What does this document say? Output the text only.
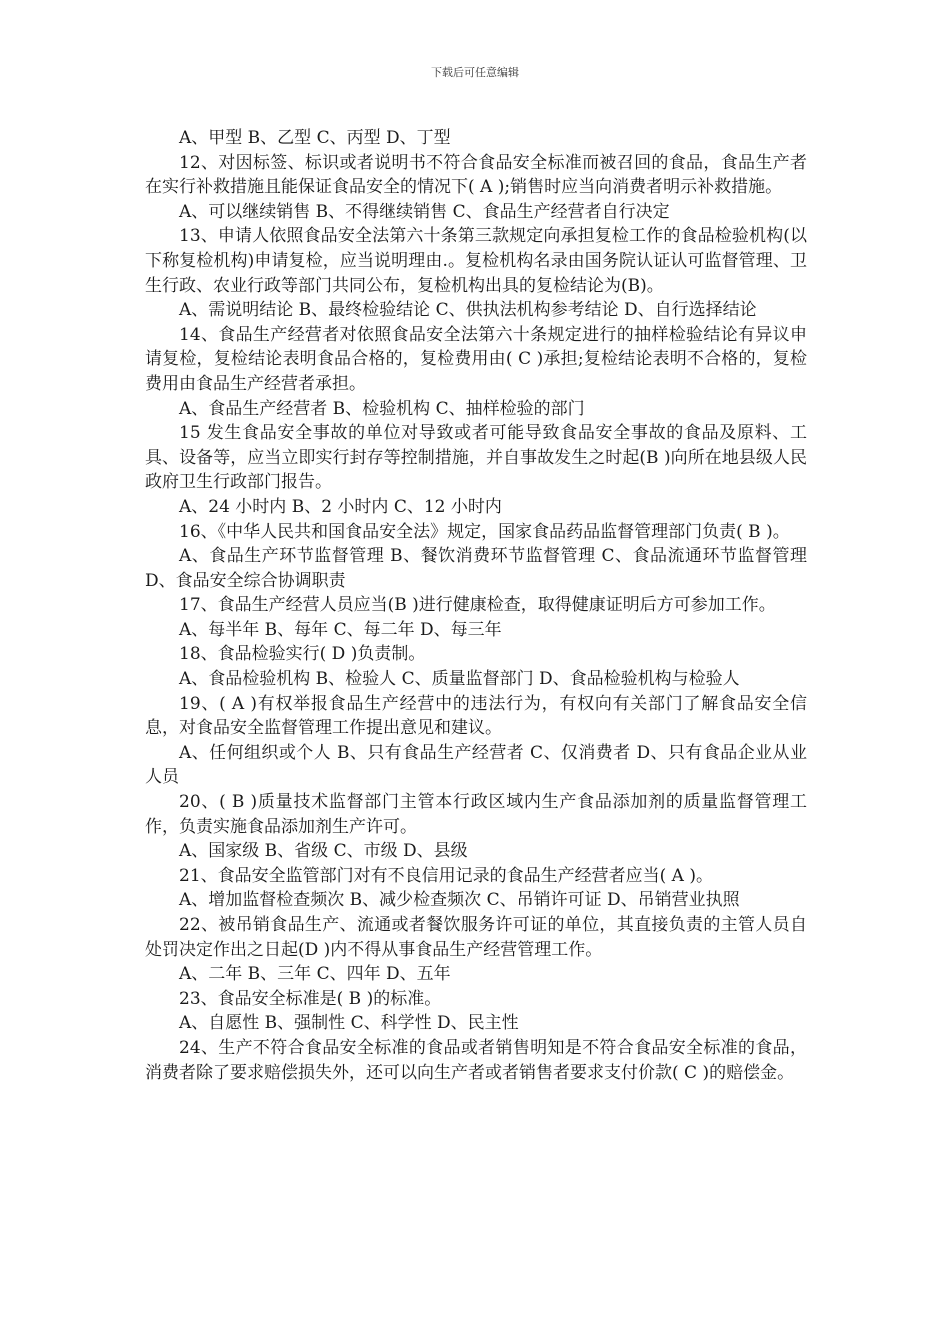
下载后可任意编辑

A、甲型 B、乙型 C、丙型 D、丁型

12、对因标签、标识或者说明书不符合食品安全标准而被召回的食品，食品生产者在实行补救措施且能保证食品安全的情况下( A );销售时应当向消费者明示补救措施。

A、可以继续销售 B、不得继续销售 C、食品生产经营者自行决定

13、申请人依照食品安全法第六十条第三款规定向承担复检工作的食品检验机构(以下称复检机构)申请复检，应当说明理由.。复检机构名录由国务院认证认可监督管理、卫生行政、农业行政等部门共同公布，复检机构出具的复检结论为(B)。

A、需说明结论 B、最终检验结论 C、供执法机构参考结论 D、自行选择结论

14、食品生产经营者对依照食品安全法第六十条规定进行的抽样检验结论有异议申请复检，复检结论表明食品合格的，复检费用由( C )承担;复检结论表明不合格的，复检费用由食品生产经营者承担。

A、食品生产经营者 B、检验机构 C、抽样检验的部门

15 发生食品安全事故的单位对导致或者可能导致食品安全事故的食品及原料、工具、设备等，应当立即实行封存等控制措施，并自事故发生之时起(B )向所在地县级人民政府卫生行政部门报告。

A、24 小时内 B、2 小时内 C、12 小时内

16、《中华人民共和国食品安全法》规定，国家食品药品监督管理部门负责( B )。

A、食品生产环节监督管理 B、餐饮消费环节监督管理 C、食品流通环节监督管理 D、食品安全综合协调职责

17、食品生产经营人员应当(B )进行健康检查，取得健康证明后方可参加工作。

A、每半年 B、每年 C、每二年 D、每三年

18、食品检验实行( D )负责制。

A、食品检验机构 B、检验人 C、质量监督部门 D、食品检验机构与检验人

19、( A )有权举报食品生产经营中的违法行为，有权向有关部门了解食品安全信息，对食品安全监督管理工作提出意见和建议。

A、任何组织或个人 B、只有食品生产经营者 C、仅消费者 D、只有食品企业从业人员

20、( B )质量技术监督部门主管本行政区域内生产食品添加剂的质量监督管理工作，负责实施食品添加剂生产许可。

A、国家级 B、省级 C、市级 D、县级

21、食品安全监管部门对有不良信用记录的食品生产经营者应当( A )。

A、增加监督检查频次 B、减少检查频次 C、吊销许可证 D、吊销营业执照

22、被吊销食品生产、流通或者餐饮服务许可证的单位，其直接负责的主管人员自处罚决定作出之日起(D )内不得从事食品生产经营管理工作。

A、二年 B、三年 C、四年 D、五年

23、食品安全标准是( B )的标准。

A、自愿性 B、强制性 C、科学性 D、民主性

24、生产不符合食品安全标准的食品或者销售明知是不符合食品安全标准的食品，消费者除了要求赔偿损失外，还可以向生产者或者销售者要求支付价款( C )的赔偿金。
